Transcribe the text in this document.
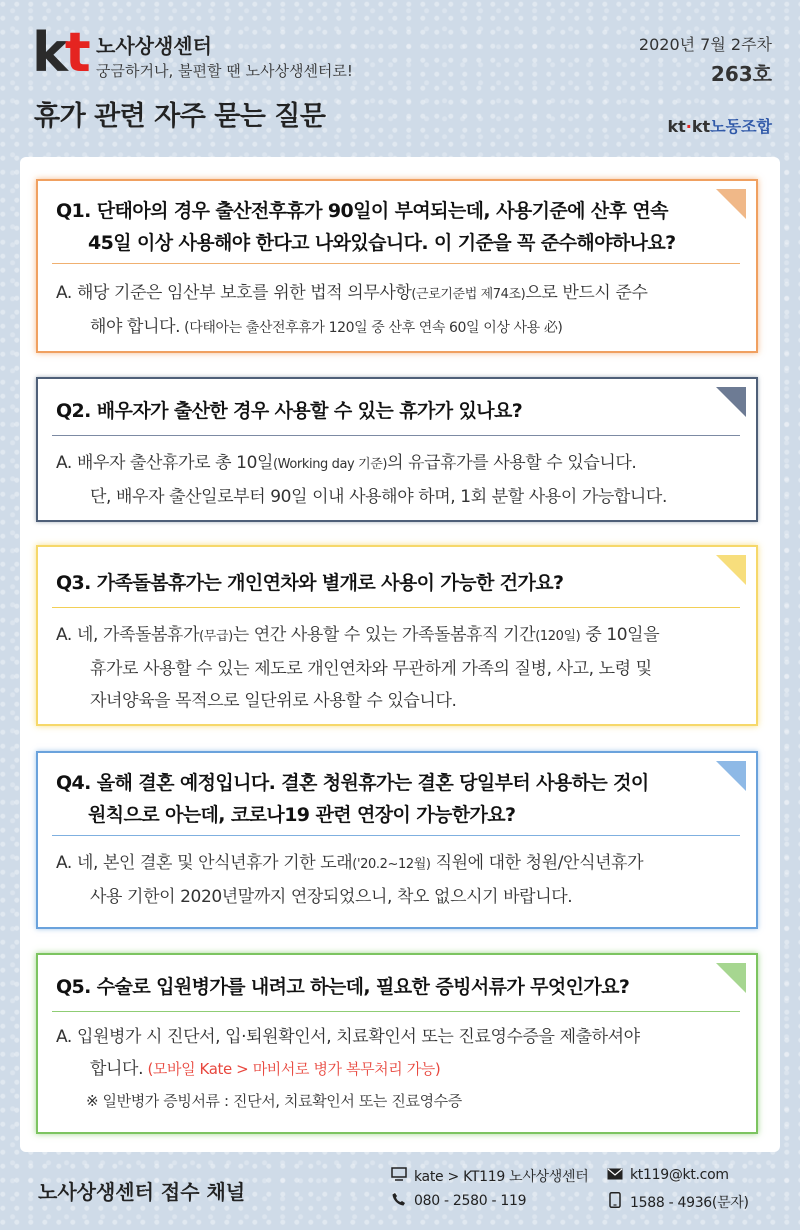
kt 노사상생센터
궁금하거나, 불편할 땐 노사상생센터로!
2020년 7월 2주차
263호
휴가 관련 자주 묻는 질문	kt·kt노동조합
Q1. 단태아의 경우 출산전후휴가 90일이 부여되는데, 사용기준에 산후 연속
45일 이상 사용해야 한다고 나와있습니다. 이 기준을 꼭 준수해야하나요?
A. 해당 기준은 임산부 보호를 위한 법적 의무사항(근로기준법 제74조)으로 반드시 준수
해야 합니다. (다태아는 출산전후휴가 120일 중 산후 연속 60일 이상 사용 必)
Q2. 배우자가 출산한 경우 사용할 수 있는 휴가가 있나요?
A. 배우자 출산휴가로 총 10일(Working day 기준)의 유급휴가를 사용할 수 있습니다.
단, 배우자 출산일로부터 90일 이내 사용해야 하며, 1회 분할 사용이 가능합니다.
Q3. 가족돌봄휴가는 개인연차와 별개로 사용이 가능한 건가요?
A. 네, 가족돌봄휴가(무급)는 연간 사용할 수 있는 가족돌봄휴직 기간(120일) 중 10일을
휴가로 사용할 수 있는 제도로 개인연차와 무관하게 가족의 질병, 사고, 노령 및
자녀양육을 목적으로 일단위로 사용할 수 있습니다.
Q4. 올해 결혼 예정입니다. 결혼 청원휴가는 결혼 당일부터 사용하는 것이
원칙으로 아는데, 코로나19 관련 연장이 가능한가요?
A. 네, 본인 결혼 및 안식년휴가 기한 도래('20.2~12월) 직원에 대한 청원/안식년휴가
사용 기한이 2020년말까지 연장되었으니, 착오 없으시기 바랍니다.
Q5. 수술로 입원병가를 내려고 하는데, 필요한 증빙서류가 무엇인가요?
A. 입원병가 시 진단서, 입·퇴원확인서, 치료확인서 또는 진료영수증을 제출하셔야
합니다. (모바일 Kate > 마비서로 병가 복무처리 가능)
※ 일반병가 증빙서류 : 진단서, 치료확인서 또는 진료영수증
노사상생센터 접수 채널
kate > KT119 노사상생센터	kt119@kt.com
080 - 2580 - 119	1588 - 4936(문자)
